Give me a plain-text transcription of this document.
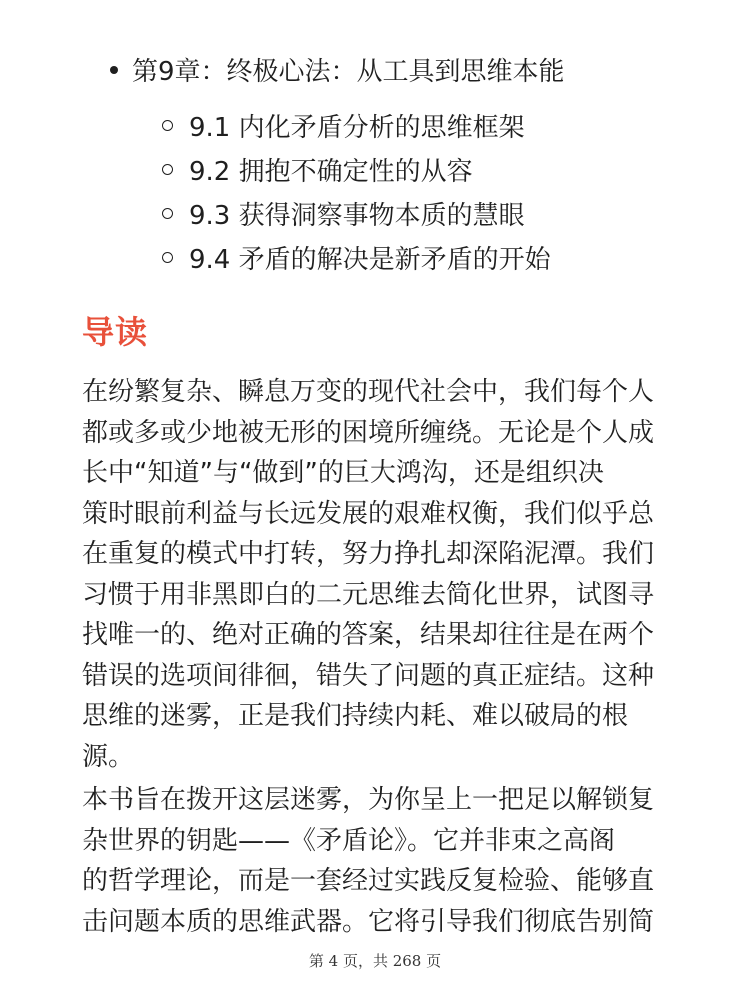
第9章：终极心法：从工具到思维本能
9.1 内化矛盾分析的思维框架
9.2 拥抱不确定性的从容
9.3 获得洞察事物本质的慧眼
9.4 矛盾的解决是新矛盾的开始
导读

在纷繁复杂、瞬息万变的现代社会中，我们每个人
都或多或少地被无形的困境所缠绕。无论是个人成
长中“知道”与“做到”的巨大鸿沟，还是组织决
策时眼前利益与长远发展的艰难权衡，我们似乎总
在重复的模式中打转，努力挣扎却深陷泥潭。我们
习惯于用非黑即白的二元思维去简化世界，试图寻
找唯一的、绝对正确的答案，结果却往往是在两个
错误的选项间徘徊，错失了问题的真正症结。这种
思维的迷雾，正是我们持续内耗、难以破局的根
源。

本书旨在拨开这层迷雾，为你呈上一把足以解锁复
杂世界的钥匙——《矛盾论》。它并非束之高阁
的哲学理论，而是一套经过实践反复检验、能够直
击问题本质的思维武器。它将引导我们彻底告别简

第 4 页，共 268 页
